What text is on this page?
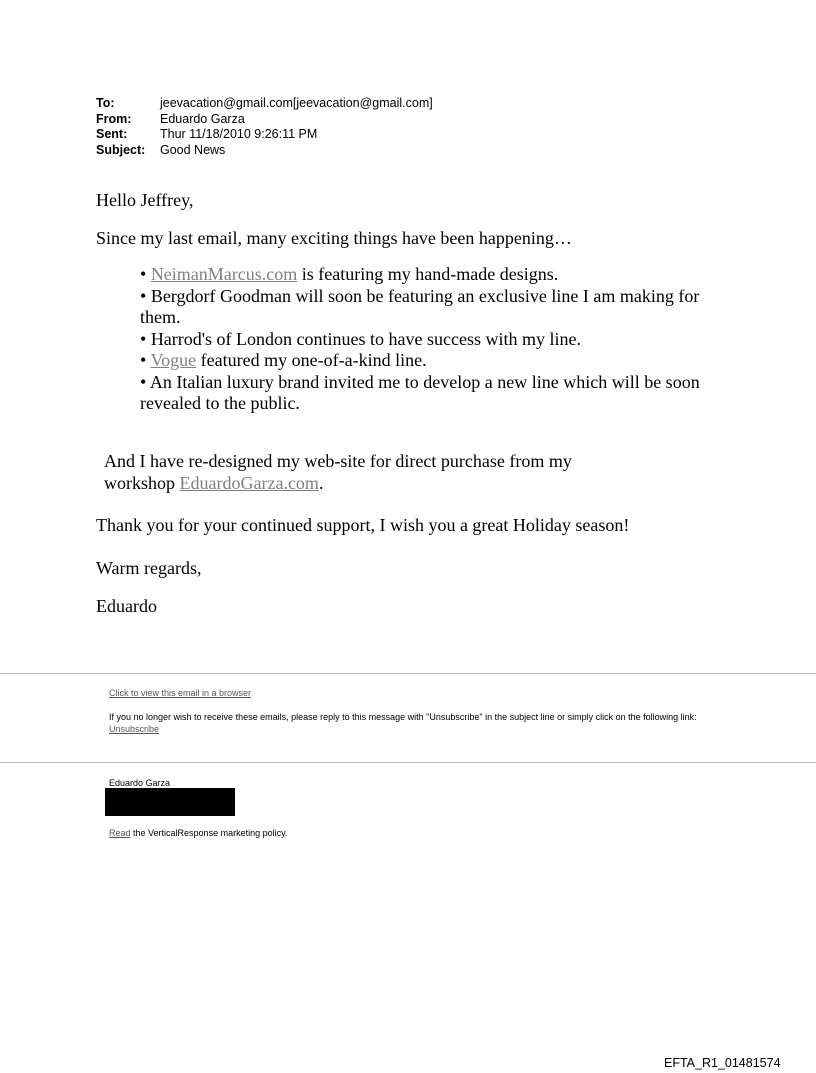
To:	jeevacation@gmail.com[jeevacation@gmail.com]
From:	Eduardo Garza
Sent:	Thur 11/18/2010 9:26:11 PM
Subject:	Good News
Hello Jeffrey,
Since my last email, many exciting things have been happening…

• NeimanMarcus.com is featuring my hand-made designs.

• Bergdorf Goodman will soon be featuring an exclusive line I am making for them.

• Harrod's of London continues to have success with my line.

• Vogue featured my one-of-a-kind line.

• An Italian luxury brand invited me to develop a new line which will be soon revealed to the public.

And I have re-designed my web-site for direct purchase from my
workshop EduardoGarza.com.
Thank you for your continued support, I wish you a great Holiday season!
Warm regards,
Eduardo
Click to view this email in a browser
If you no longer wish to receive these emails, please reply to this message with "Unsubscribe" in the subject line or simply click on the following link: Unsubscribe
Eduardo Garza
Read the VerticalResponse marketing policy.
EFTA_R1_01481574
